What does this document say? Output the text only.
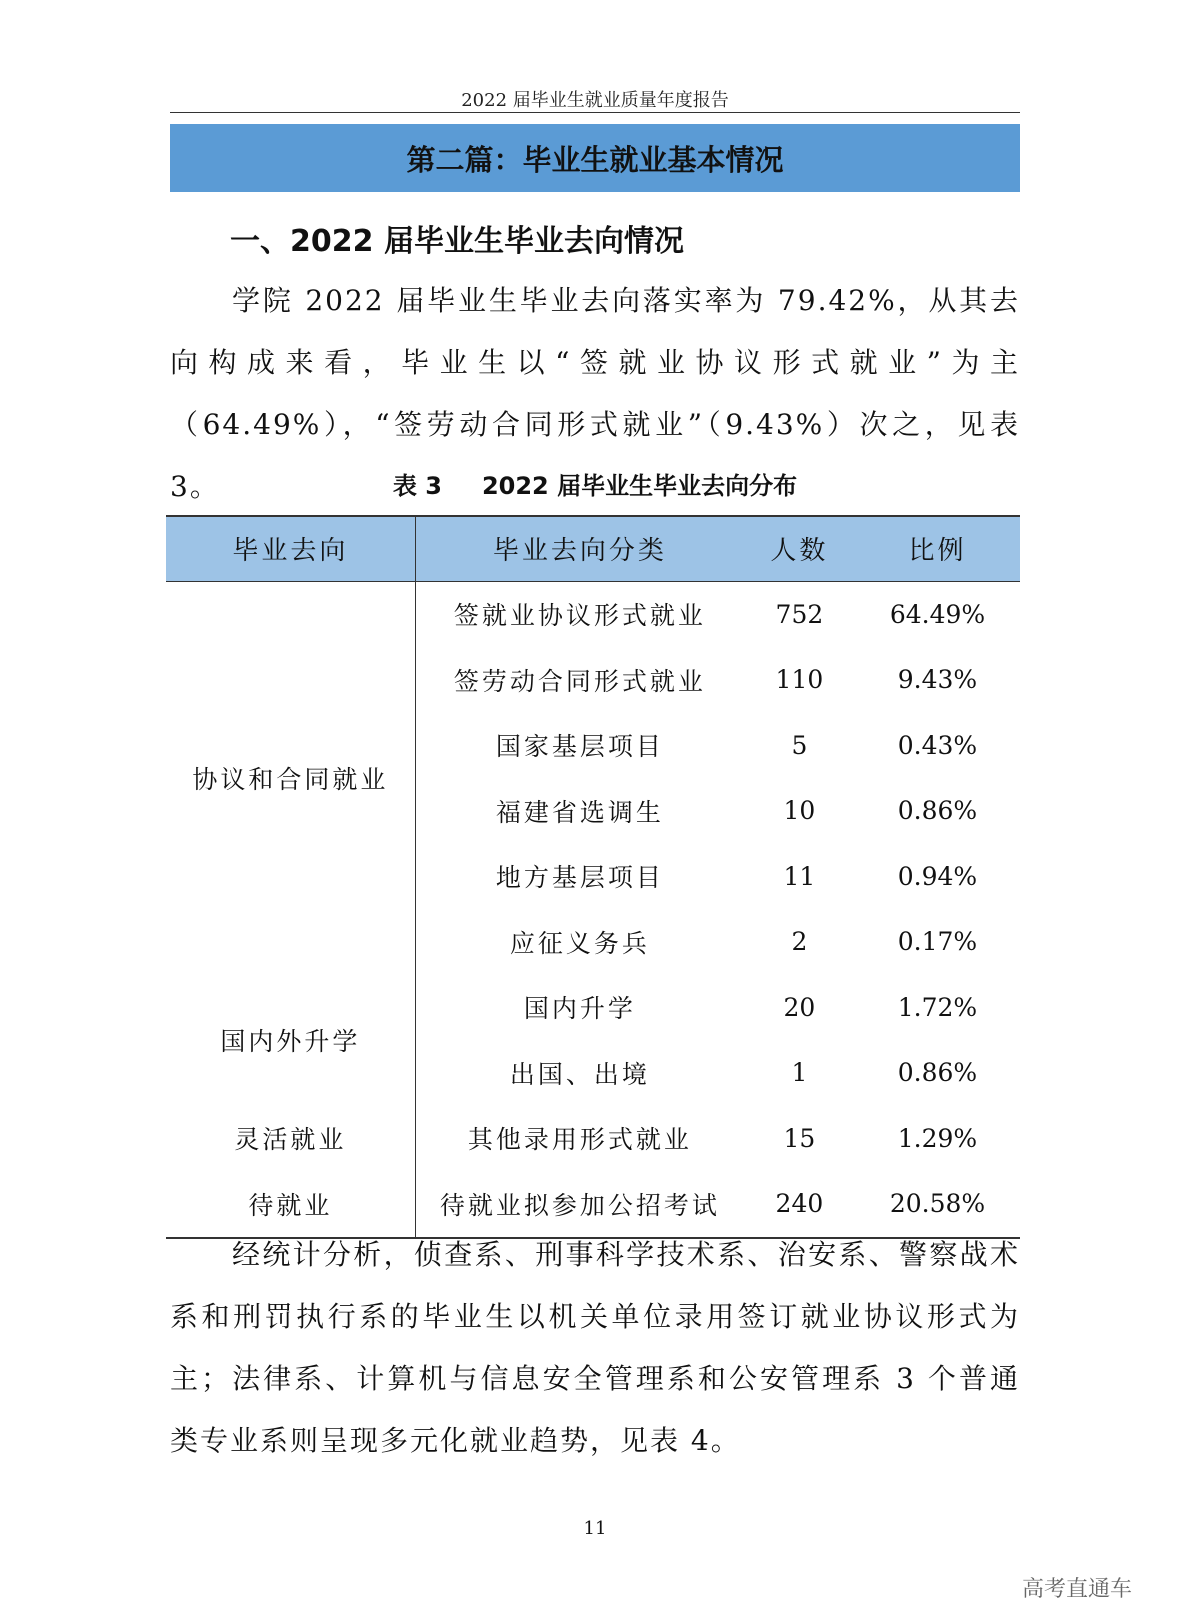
2022 届毕业生就业质量年度报告
第二篇：毕业生就业基本情况
一、2022 届毕业生毕业去向情况
学院 2022 届毕业生毕业去向落实率为 79.42%，从其去向构成来看，毕业生以“签就业协议形式就业”为主（64.49%），“签劳动合同形式就业”（9.43%）次之，见表 3。	表 3 2022 届毕业生毕业去向分布
毕业去向	毕业去向分类	人数	比例
协议和合同就业	签就业协议形式就业	752	64.49%
	签劳动合同形式就业	110	9.43%
	国家基层项目	5	0.43%
	福建省选调生	10	0.86%
	地方基层项目	11	0.94%
	应征义务兵	2	0.17%
国内外升学	国内升学	20	1.72%
	出国、出境	1	0.86%
灵活就业	其他录用形式就业	15	1.29%
待就业	待就业拟参加公招考试	240	20.58%
经统计分析，侦查系、刑事科学技术系、治安系、警察战术系和刑罚执行系的毕业生以机关单位录用签订就业协议形式为主；法律系、计算机与信息安全管理系和公安管理系 3 个普通类专业系则呈现多元化就业趋势，见表 4。
11
高考直通车
